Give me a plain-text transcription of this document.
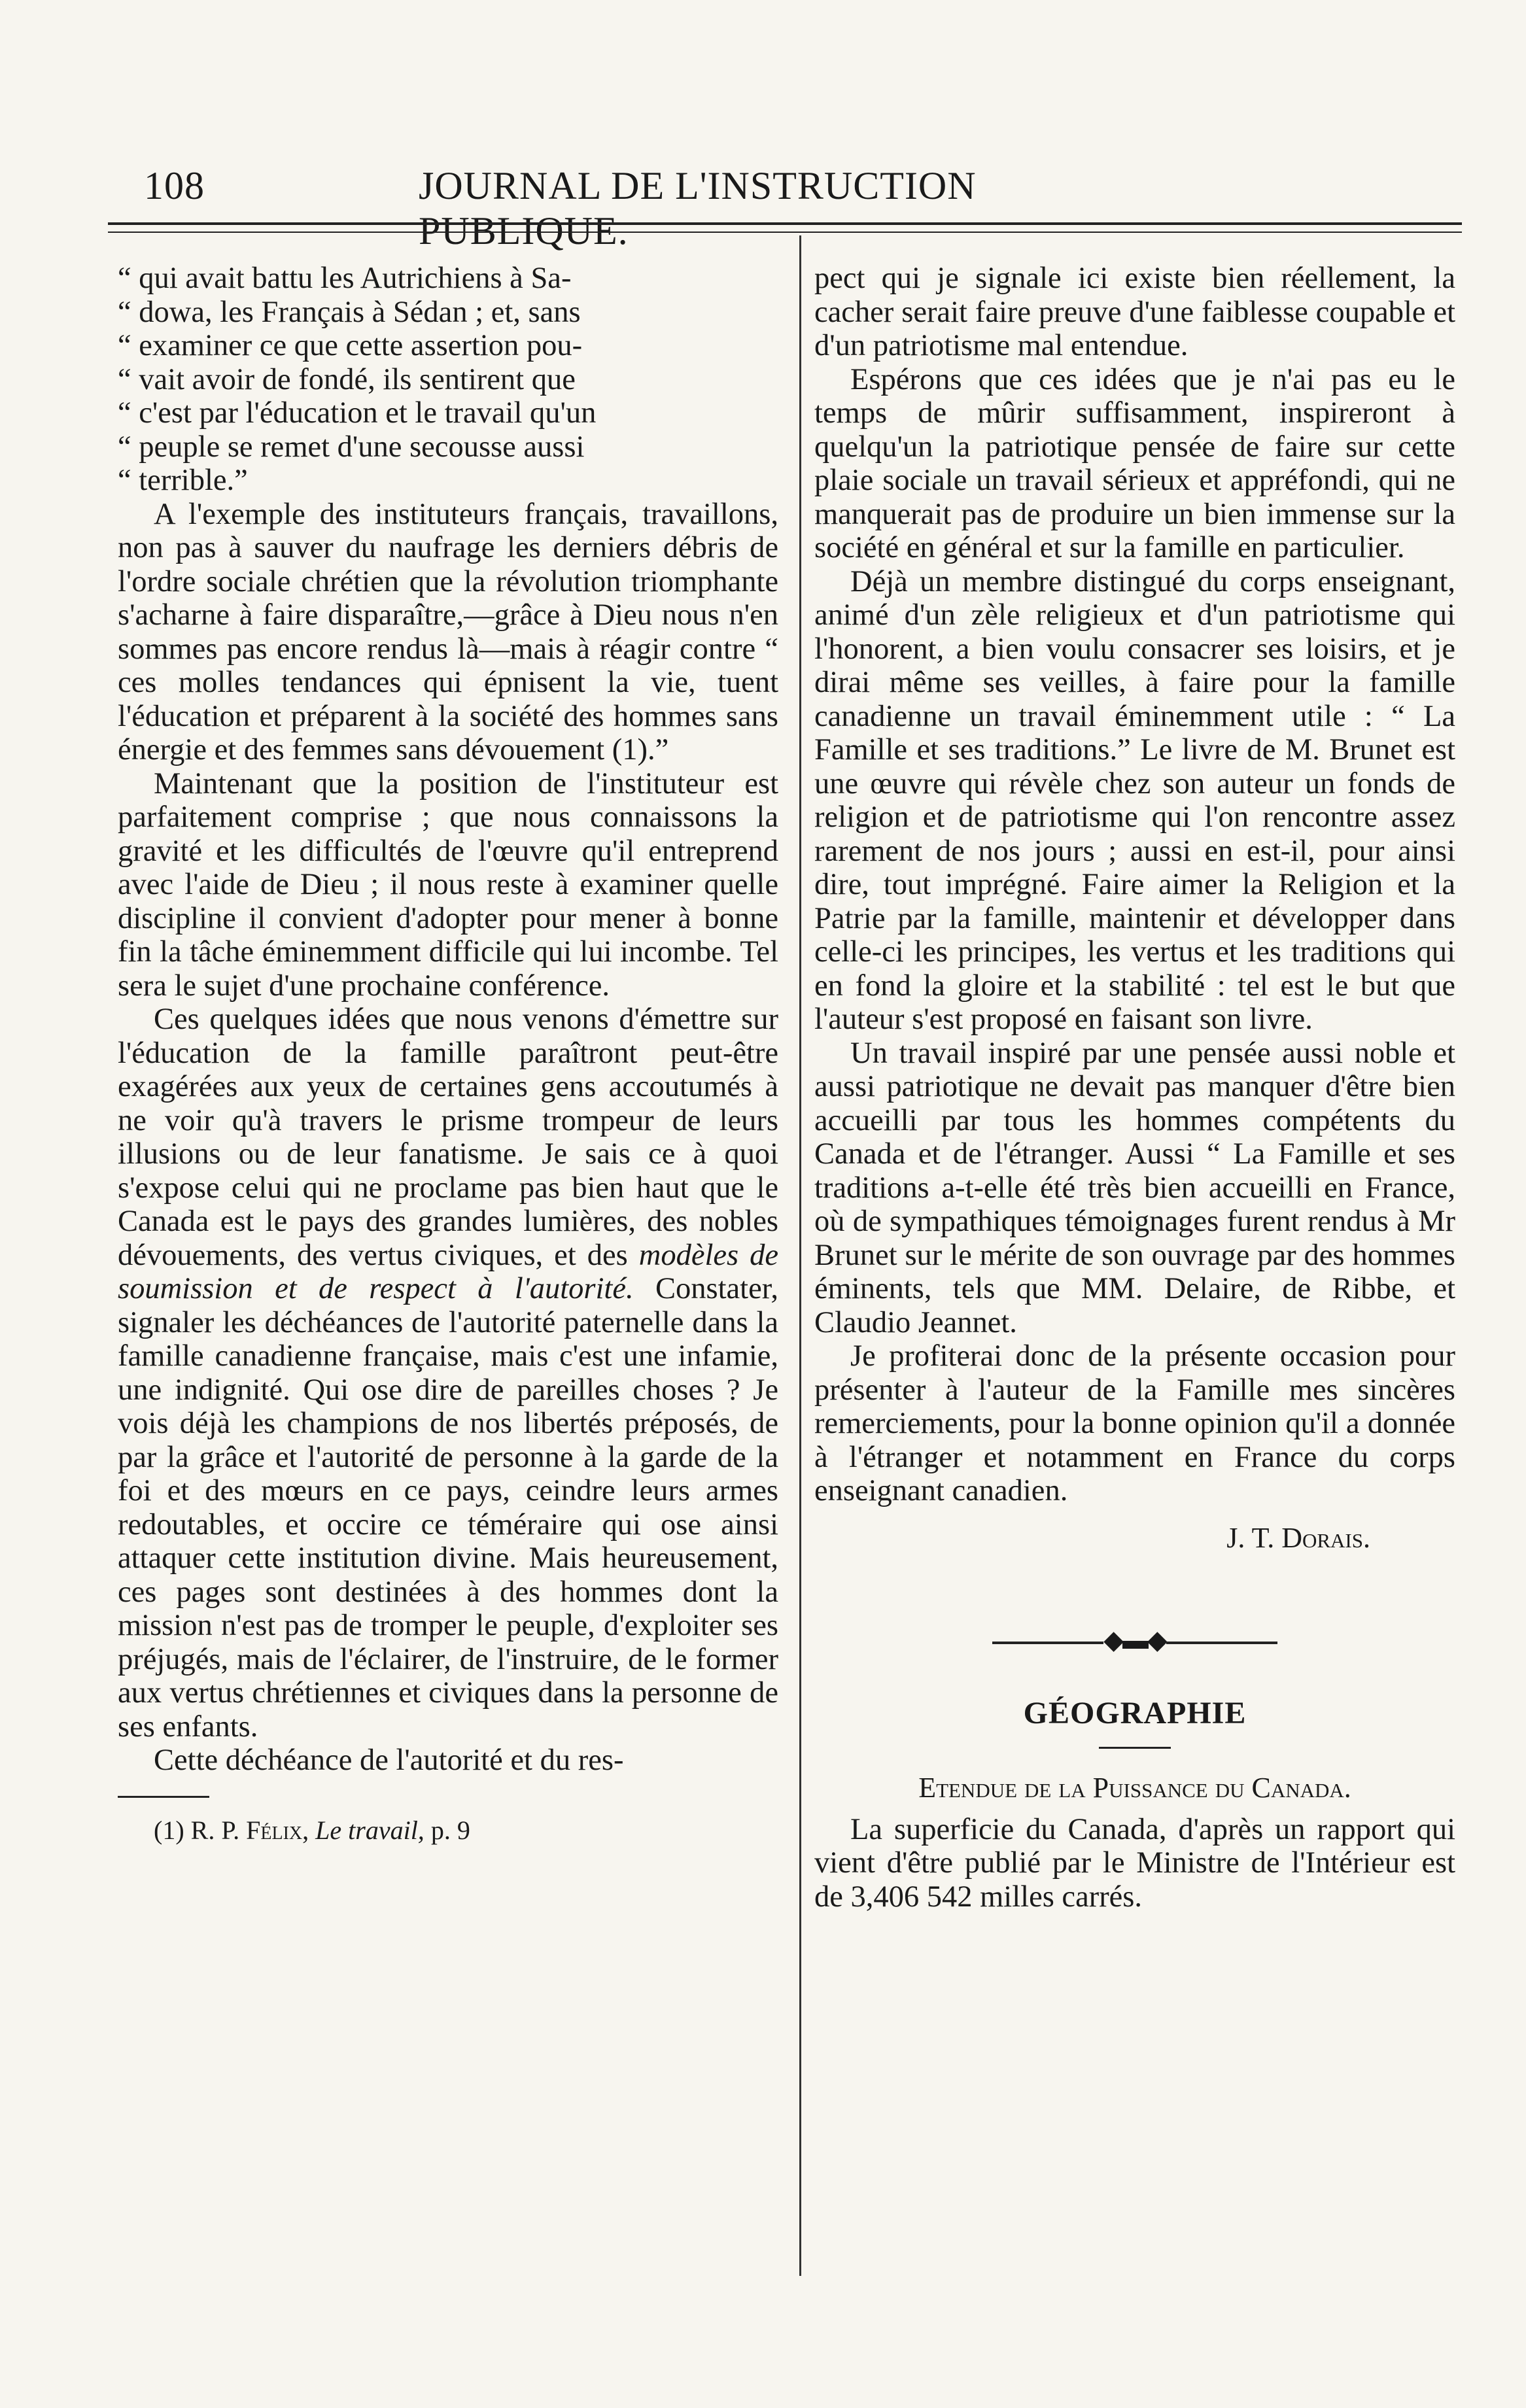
108	JOURNAL DE L'INSTRUCTION PUBLIQUE.

“ qui avait battu les Autrichiens à Sa-
“ dowa, les Français à Sédan ; et, sans
“ examiner ce que cette assertion pou-
“ vait avoir de fondé, ils sentirent que
“ c'est par l'éducation et le travail qu'un
“ peuple se remet d'une secousse aussi
“ terrible.”

A l'exemple des instituteurs français, travaillons, non pas à sauver du naufrage les derniers débris de l'ordre sociale chrétien que la révolution triomphante s'acharne à faire disparaître,—grâce à Dieu nous n'en sommes pas encore rendus là—mais à réagir contre “ ces molles tendances qui épnisent la vie, tuent l'éducation et préparent à la société des hommes sans énergie et des femmes sans dévouement (1).”

Maintenant que la position de l'instituteur est parfaitement comprise ; que nous connaissons la gravité et les difficultés de l'œuvre qu'il entreprend avec l'aide de Dieu ; il nous reste à examiner quelle discipline il convient d'adopter pour mener à bonne fin la tâche éminemment difficile qui lui incombe. Tel sera le sujet d'une prochaine conférence.

Ces quelques idées que nous venons d'émettre sur l'éducation de la famille paraîtront peut-être exagérées aux yeux de certaines gens accoutumés à ne voir qu'à travers le prisme trompeur de leurs illusions ou de leur fanatisme. Je sais ce à quoi s'expose celui qui ne proclame pas bien haut que le Canada est le pays des grandes lumières, des nobles dévouements, des vertus civiques, et des modèles de soumission et de respect à l'autorité. Constater, signaler les déchéances de l'autorité paternelle dans la famille canadienne française, mais c'est une infamie, une indignité. Qui ose dire de pareilles choses ? Je vois déjà les champions de nos libertés préposés, de par la grâce et l'autorité de personne à la garde de la foi et des mœurs en ce pays, ceindre leurs armes redoutables, et occire ce téméraire qui ose ainsi attaquer cette institution divine. Mais heureusement, ces pages sont destinées à des hommes dont la mission n'est pas de tromper le peuple, d'exploiter ses préjugés, mais de l'éclairer, de l'instruire, de le former aux vertus chrétiennes et civiques dans la personne de ses enfants.

Cette déchéance de l'autorité et du res-

(1) R. P. Félix, Le travail, p. 9

pect qui je signale ici existe bien réellement, la cacher serait faire preuve d'une faiblesse coupable et d'un patriotisme mal entendue.

Espérons que ces idées que je n'ai pas eu le temps de mûrir suffisamment, inspireront à quelqu'un la patriotique pensée de faire sur cette plaie sociale un travail sérieux et appréfondi, qui ne manquerait pas de produire un bien immense sur la société en général et sur la famille en particulier.

Déjà un membre distingué du corps enseignant, animé d'un zèle religieux et d'un patriotisme qui l'honorent, a bien voulu consacrer ses loisirs, et je dirai même ses veilles, à faire pour la famille canadienne un travail éminemment utile : “ La Famille et ses traditions.” Le livre de M. Brunet est une œuvre qui révèle chez son auteur un fonds de religion et de patriotisme qui l'on rencontre assez rarement de nos jours ; aussi en est-il, pour ainsi dire, tout imprégné. Faire aimer la Religion et la Patrie par la famille, maintenir et développer dans celle-ci les principes, les vertus et les traditions qui en fond la gloire et la stabilité : tel est le but que l'auteur s'est proposé en faisant son livre.

Un travail inspiré par une pensée aussi noble et aussi patriotique ne devait pas manquer d'être bien accueilli par tous les hommes compétents du Canada et de l'étranger. Aussi “ La Famille et ses traditions a-t-elle été très bien accueilli en France, où de sympathiques témoignages furent rendus à Mr Brunet sur le mérite de son ouvrage par des hommes éminents, tels que MM. Delaire, de Ribbe, et Claudio Jeannet.

Je profiterai donc de la présente occasion pour présenter à l'auteur de la Famille mes sincères remerciements, pour la bonne opinion qu'il a donnée à l'étranger et notamment en France du corps enseignant canadien.

J. T. Dorais.
◆▬◆
GÉOGRAPHIE
Etendue de la Puissance du Canada.

La superficie du Canada, d'après un rapport qui vient d'être publié par le Ministre de l'Intérieur est de 3,406 542 milles carrés.
